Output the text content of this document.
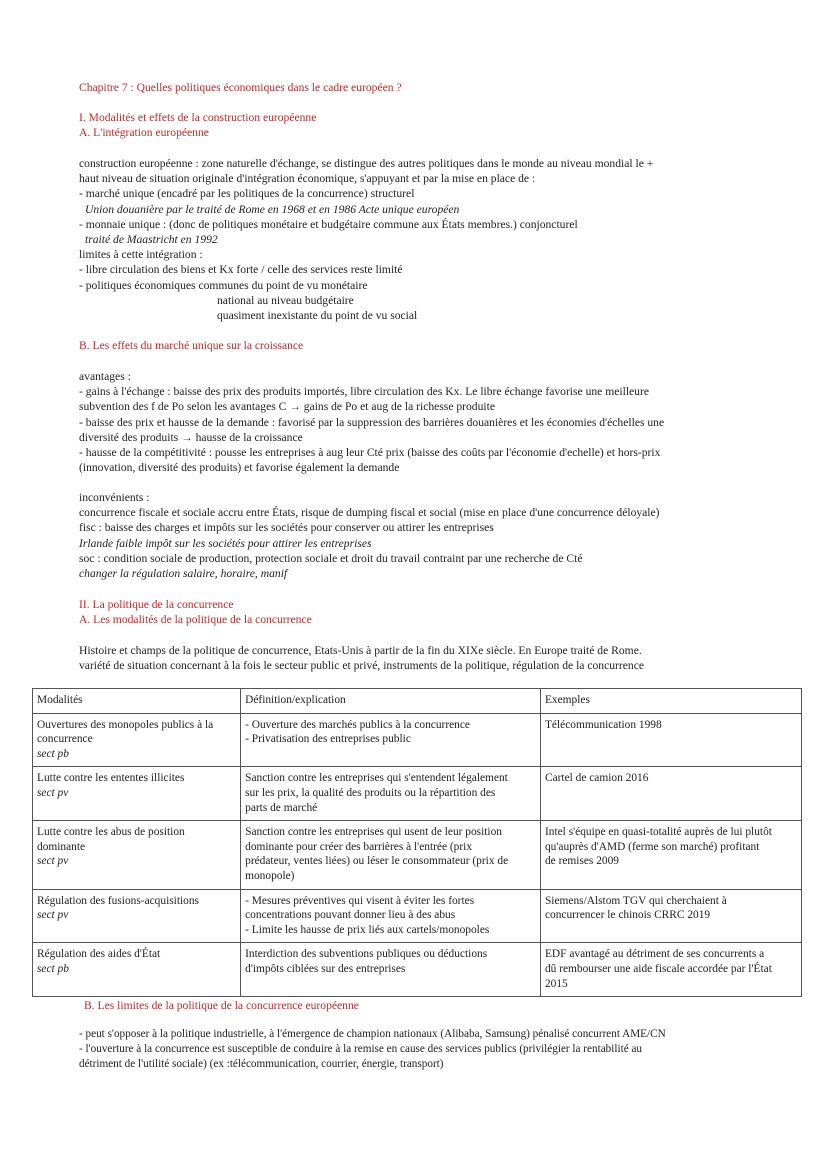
Chapitre 7 : Quelles politiques économiques dans le cadre européen ?
I. Modalités et effets de la construction européenne
A. L'intégration européenne
construction européenne : zone naturelle d'échange, se distingue des autres politiques dans le monde au niveau mondial le +
haut niveau de situation originale d'intégration économique, s'appuyant et par la mise en place de :
- marché unique (encadré par les politiques de la concurrence) structurel
Union douanière par le traité de Rome en 1968 et en 1986 Acte unique européen
- monnaie unique : (donc de politiques monétaire et budgétaire commune aux États membres.) conjoncturel
traité de Maastricht en 1992
limites à cette intégration :
- libre circulation des biens et Kx forte / celle des services reste limité
- politiques économiques communes du point de vu monétaire
national au niveau budgétaire
quasiment inexistante du point de vu social
B. Les effets du marché unique sur la croissance
avantages :
- gains à l'échange : baisse des prix des produits importés, libre circulation des Kx. Le libre échange favorise une meilleure
subvention des f de Po selon les avantages C → gains de Po et aug de la richesse produite
- baisse des prix et hausse de la demande : favorisé par la suppression des barrières douanières et les économies d'échelles une
diversité des produits → hausse de la croissance
- hausse de la compétitivité : pousse les entreprises à aug leur Cté prix (baisse des coûts par l'économie d'echelle) et hors-prix
(innovation, diversité des produits) et favorise également la demande
inconvénients :
concurrence fiscale et sociale accru entre États, risque de dumping fiscal et social (mise en place d'une concurrence déloyale)
fisc : baisse des charges et impôts sur les sociétés pour conserver ou attirer les entreprises
Irlande faible impôt sur les sociétés pour attirer les entreprises
soc : condition sociale de production, protection sociale et droit du travail contraint par une recherche de Cté
changer la régulation salaire, horaire, manif
II. La politique de la concurrence
A. Les modalités de la politique de la concurrence
Histoire et champs de la politique de concurrence, Etats-Unis à partir de la fin du XIXe siècle. En Europe traité de Rome.
variété de situation concernant à la fois le secteur public et privé, instruments de la politique, régulation de la concurrence
Modalités	Définition/explication	Exemples

Ouvertures des monopoles publics à la
concurrence
sect pb	- Ouverture des marchés publics à la concurrence
- Privatisation des entreprises public	Télécommunication 1998

Lutte contre les ententes illicites
sect pv	Sanction contre les entreprises qui s'entendent légalement
sur les prix, la qualité des produits ou la répartition des
parts de marché	Cartel de camion 2016

Lutte contre les abus de position
dominante
sect pv	Sanction contre les entreprises qui usent de leur position
dominante pour créer des barrières à l'entrée (prix
prédateur, ventes liées) ou léser le consommateur (prix de
monopole)	Intel s'équipe en quasi-totalité auprès de lui plutôt
qu'auprès d'AMD (ferme son marché) profitant
de remises 2009

Régulation des fusions-acquisitions
sect pv	- Mesures préventives qui visent à éviter les fortes
concentrations pouvant donner lieu à des abus
- Limite les hausse de prix liés aux cartels/monopoles	Siemens/Alstom TGV qui cherchaient à
concurrencer le chinois CRRC 2019

Régulation des aides d'État
sect pb	Interdiction des subventions publiques ou déductions
d'impôts ciblées sur des entreprises	EDF avantagé au détriment de ses concurrents a
dû rembourser une aide fiscale accordée par l'État
2015
B. Les limites de la politique de la concurrence européenne
- peut s'opposer à la politique industrielle, à l'émergence de champion nationaux (Alibaba, Samsung) pénalisé concurrent AME/CN
- l'ouverture à la concurrence est susceptible de conduire à la remise en cause des services publics (privilégier la rentabilité au
détriment de l'utilité sociale) (ex :télécommunication, courrier, énergie, transport)
